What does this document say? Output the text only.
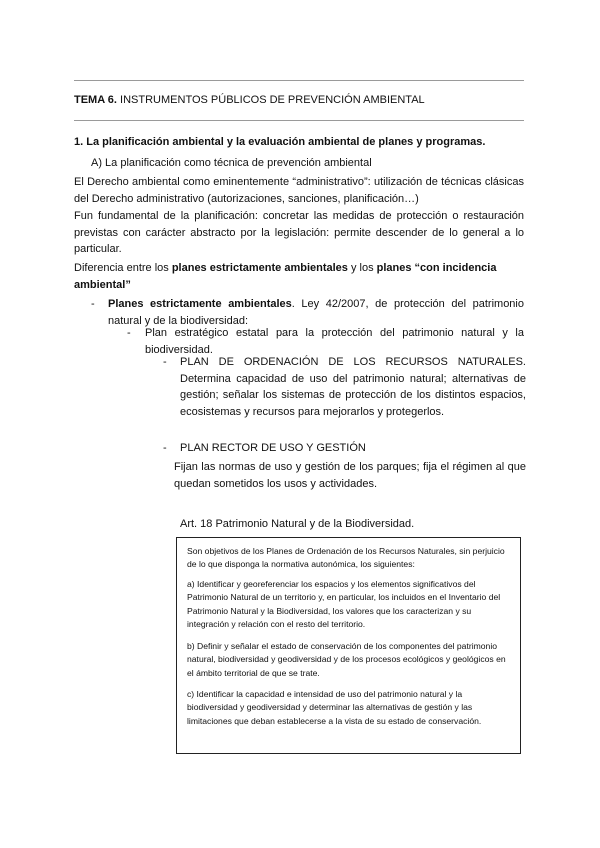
TEMA 6. INSTRUMENTOS PÚBLICOS DE PREVENCIÓN AMBIENTAL
1. La planificación ambiental y la evaluación ambiental de planes y programas.
A) La planificación como técnica de prevención ambiental
El Derecho ambiental como eminentemente “administrativo”: utilización de técnicas clásicas del Derecho administrativo (autorizaciones, sanciones, planificación…)
Fun fundamental de la planificación: concretar las medidas de protección o restauración previstas con carácter abstracto por la legislación: permite descender de lo general a lo particular.
Diferencia entre los planes estrictamente ambientales y los planes “con incidencia ambiental”
- Planes estrictamente ambientales. Ley 42/2007, de protección del patrimonio natural y de la biodiversidad:
- Plan estratégico estatal para la protección del patrimonio natural y la biodiversidad.
- PLAN DE ORDENACIÓN DE LOS RECURSOS NATURALES. Determina capacidad de uso del patrimonio natural; alternativas de gestión; señalar los sistemas de protección de los distintos espacios, ecosistemas y recursos para mejorarlos y protegerlos.
- PLAN RECTOR DE USO Y GESTIÓN
Fijan las normas de uso y gestión de los parques; fija el régimen al que quedan sometidos los usos y actividades.
Art. 18 Patrimonio Natural y de la Biodiversidad.
Son objetivos de los Planes de Ordenación de los Recursos Naturales, sin perjuicio de lo que disponga la normativa autonómica, los siguientes:
a) Identificar y georeferenciar los espacios y los elementos significativos del Patrimonio Natural de un territorio y, en particular, los incluidos en el Inventario del Patrimonio Natural y la Biodiversidad, los valores que los caracterizan y su integración y relación con el resto del territorio.
b) Definir y señalar el estado de conservación de los componentes del patrimonio natural, biodiversidad y geodiversidad y de los procesos ecológicos y geológicos en el ámbito territorial de que se trate.
c) Identificar la capacidad e intensidad de uso del patrimonio natural y la biodiversidad y geodiversidad y determinar las alternativas de gestión y las limitaciones que deban establecerse a la vista de su estado de conservación.
